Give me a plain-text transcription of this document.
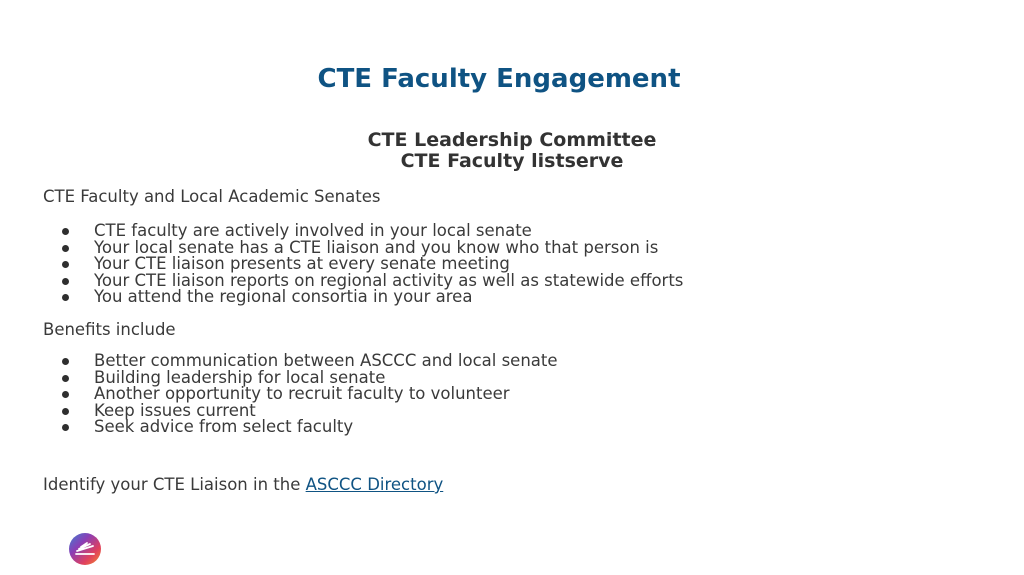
CTE Faculty Engagement
CTE Leadership Committee
CTE Faculty listserve
CTE Faculty and Local Academic Senates
CTE faculty are actively involved in your local senate
Your local senate has a CTE liaison and you know who that person is
Your CTE liaison presents at every senate meeting
Your CTE liaison reports on regional activity as well as statewide efforts
You attend the regional consortia in your area
Benefits include
Better communication between ASCCC and local senate
Building leadership for local senate
Another opportunity to recruit faculty to volunteer
Keep issues current
Seek advice from select faculty
Identify your CTE Liaison in the ASCCC Directory
